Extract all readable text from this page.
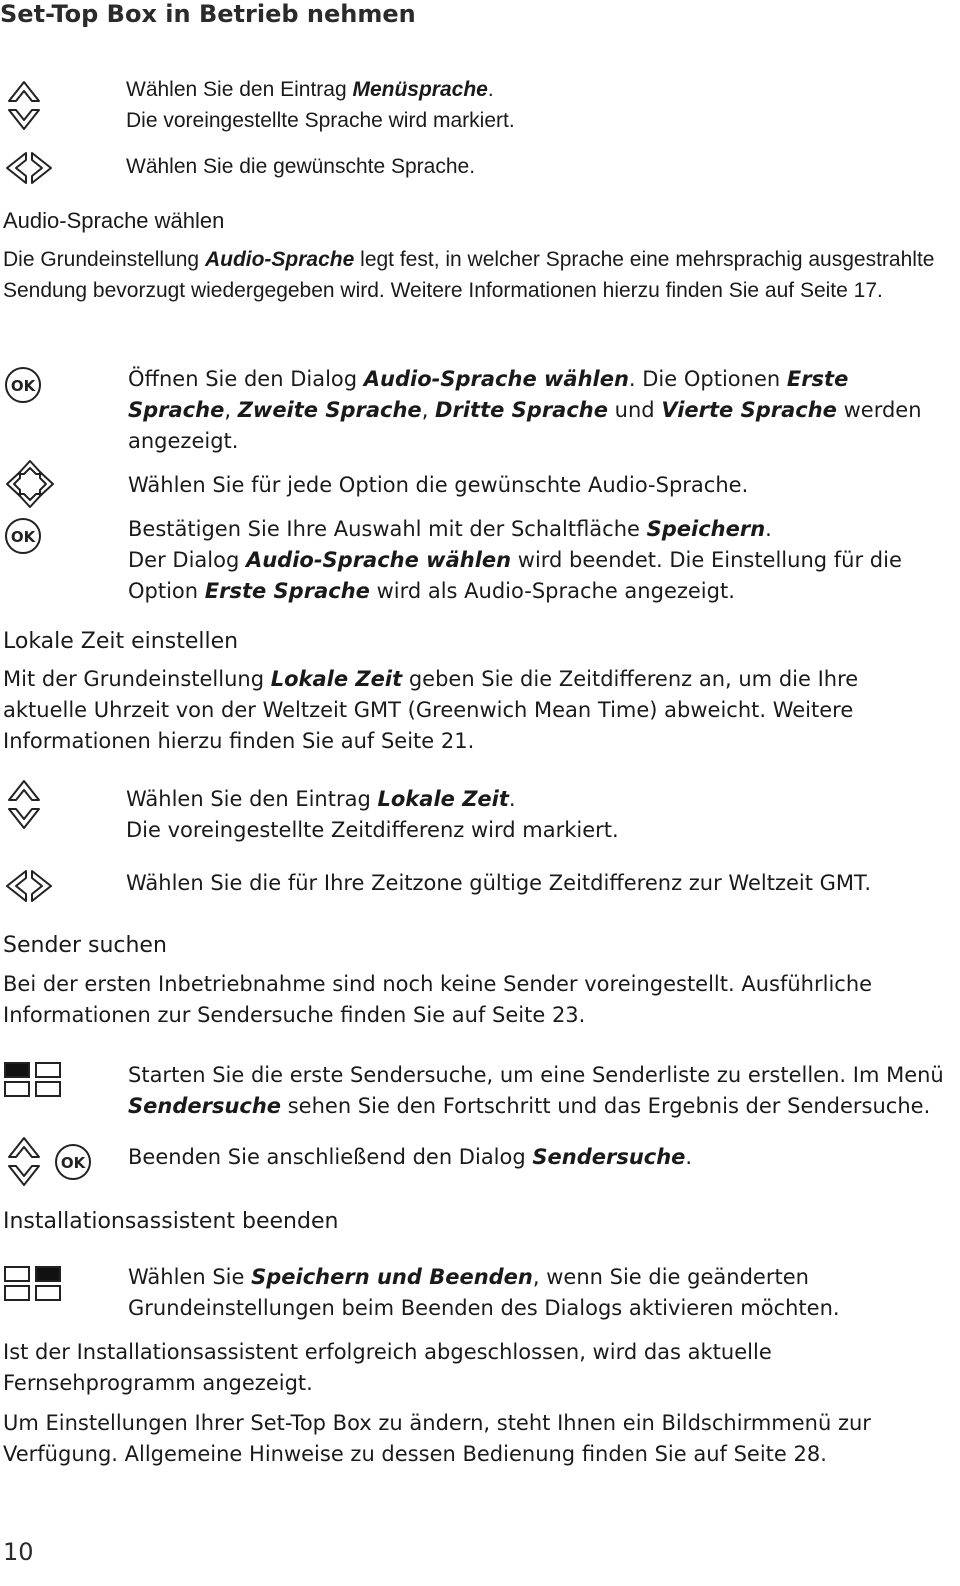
Set-Top Box in Betrieb nehmen

Wählen Sie den Eintrag Menüsprache.
Die voreingestellte Sprache wird markiert.

Wählen Sie die gewünschte Sprache.

Audio-Sprache wählen

Die Grundeinstellung Audio-Sprache legt fest, in welcher Sprache eine mehrsprachig ausgestrahlte Sendung bevorzugt wiedergegeben wird. Weitere Informationen hierzu finden Sie auf Seite 17.

OK	Öffnen Sie den Dialog Audio-Sprache wählen. Die Optionen Erste Sprache, Zweite Sprache, Dritte Sprache und Vierte Sprache werden angezeigt.

Wählen Sie für jede Option die gewünschte Audio-Sprache.

OK	Bestätigen Sie Ihre Auswahl mit der Schaltfläche Speichern.
Der Dialog Audio-Sprache wählen wird beendet. Die Einstellung für die Option Erste Sprache wird als Audio-Sprache angezeigt.

Lokale Zeit einstellen

Mit der Grundeinstellung Lokale Zeit geben Sie die Zeitdifferenz an, um die Ihre aktuelle Uhrzeit von der Weltzeit GMT (Greenwich Mean Time) abweicht. Weitere Informationen hierzu finden Sie auf Seite 21.

Wählen Sie den Eintrag Lokale Zeit.
Die voreingestellte Zeitdifferenz wird markiert.

Wählen Sie die für Ihre Zeitzone gültige Zeitdifferenz zur Weltzeit GMT.

Sender suchen

Bei der ersten Inbetriebnahme sind noch keine Sender voreingestellt. Ausführliche Informationen zur Sendersuche finden Sie auf Seite 23.

Starten Sie die erste Sendersuche, um eine Senderliste zu erstellen. Im Menü Sendersuche sehen Sie den Fortschritt und das Ergebnis der Sendersuche.

OK Beenden Sie anschließend den Dialog Sendersuche.

Installationsassistent beenden

Wählen Sie Speichern und Beenden, wenn Sie die geänderten Grundeinstellungen beim Beenden des Dialogs aktivieren möchten.

Ist der Installationsassistent erfolgreich abgeschlossen, wird das aktuelle Fernsehprogramm angezeigt.

Um Einstellungen Ihrer Set-Top Box zu ändern, steht Ihnen ein Bildschirmmenü zur Verfügung. Allgemeine Hinweise zu dessen Bedienung finden Sie auf Seite 28.

10
